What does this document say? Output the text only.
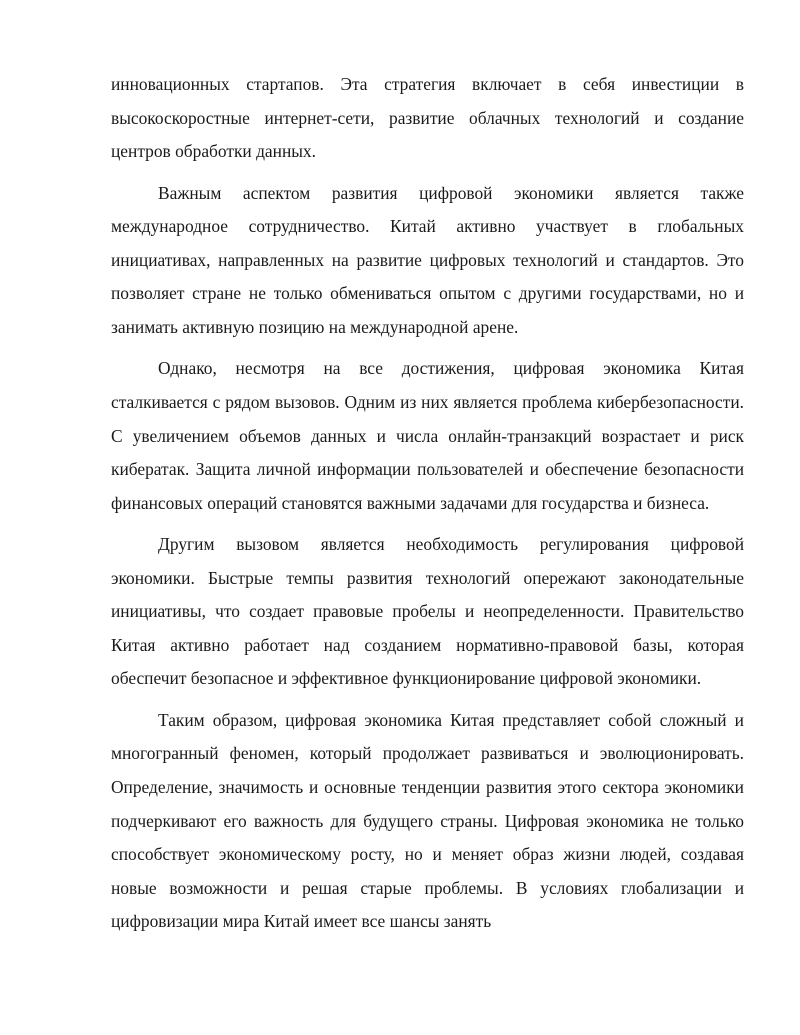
инновационных стартапов. Эта стратегия включает в себя инвестиции в высокоскоростные интернет-сети, развитие облачных технологий и создание центров обработки данных.

Важным аспектом развития цифровой экономики является также международное сотрудничество. Китай активно участвует в глобальных инициативах, направленных на развитие цифровых технологий и стандартов. Это позволяет стране не только обмениваться опытом с другими государствами, но и занимать активную позицию на международной арене.

Однако, несмотря на все достижения, цифровая экономика Китая сталкивается с рядом вызовов. Одним из них является проблема кибербезопасности. С увеличением объемов данных и числа онлайн-транзакций возрастает и риск кибератак. Защита личной информации пользователей и обеспечение безопасности финансовых операций становятся важными задачами для государства и бизнеса.

Другим вызовом является необходимость регулирования цифровой экономики. Быстрые темпы развития технологий опережают законодательные инициативы, что создает правовые пробелы и неопределенности. Правительство Китая активно работает над созданием нормативно-правовой базы, которая обеспечит безопасное и эффективное функционирование цифровой экономики.

Таким образом, цифровая экономика Китая представляет собой сложный и многогранный феномен, который продолжает развиваться и эволюционировать. Определение, значимость и основные тенденции развития этого сектора экономики подчеркивают его важность для будущего страны. Цифровая экономика не только способствует экономическому росту, но и меняет образ жизни людей, создавая новые возможности и решая старые проблемы. В условиях глобализации и цифровизации мира Китай имеет все шансы занять
